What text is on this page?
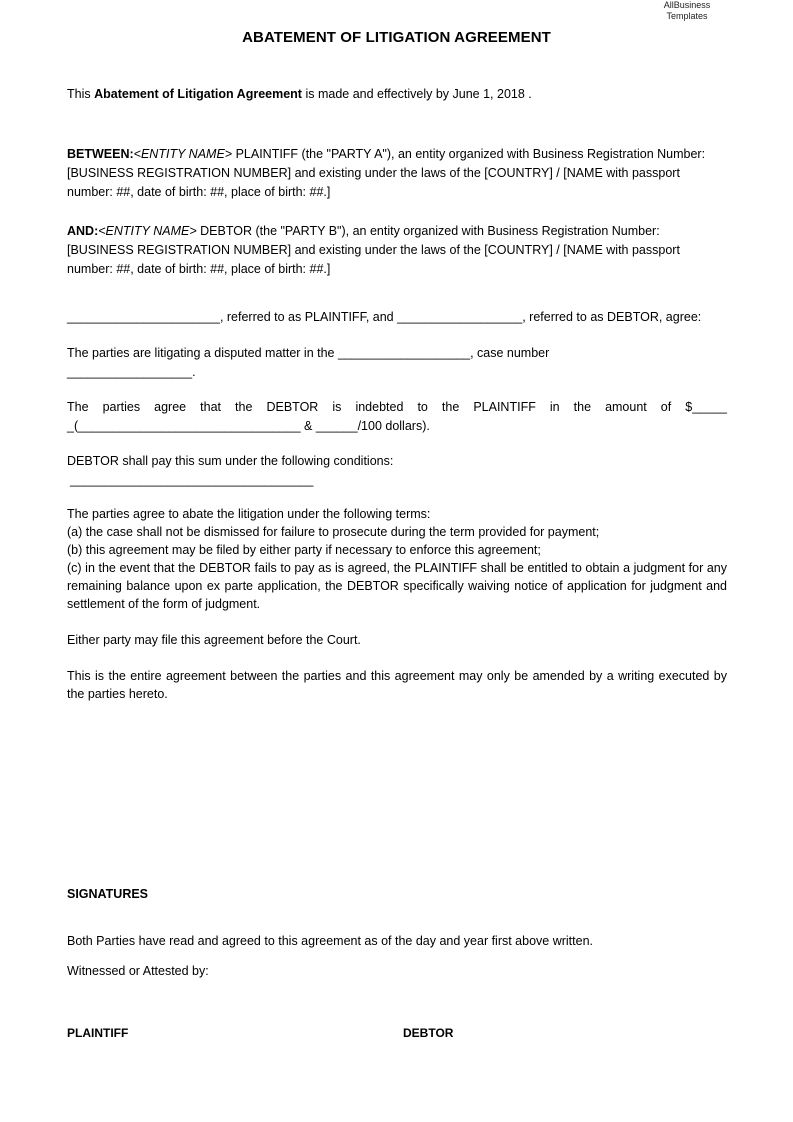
AllBusiness
Templates
ABATEMENT OF LITIGATION AGREEMENT

This Abatement of Litigation Agreement is made and effectively by June 1, 2018 .

BETWEEN:<ENTITY NAME> PLAINTIFF (the "PARTY A"), an entity organized with Business Registration Number: [BUSINESS REGISTRATION NUMBER] and existing under the laws of the [COUNTRY] / [NAME with passport number: ##, date of birth: ##, place of birth: ##.]

AND:<ENTITY NAME> DEBTOR (the "PARTY B"), an entity organized with Business Registration Number: [BUSINESS REGISTRATION NUMBER] and existing under the laws of the [COUNTRY] / [NAME with passport number: ##, date of birth: ##, place of birth: ##.]

______________________, referred to as PLAINTIFF, and __________________, referred to as DEBTOR, agree:

The parties are litigating a disputed matter in the ___________________, case number
__________________.

The parties agree that the DEBTOR is indebted to the PLAINTIFF in the amount of $_____ _(________________________________ & ______/100 dollars).

DEBTOR shall pay this sum under the following conditions:
___________________________________

The parties agree to abate the litigation under the following terms:
(a) the case shall not be dismissed for failure to prosecute during the term provided for payment;
(b) this agreement may be filed by either party if necessary to enforce this agreement;
(c) in the event that the DEBTOR fails to pay as is agreed, the PLAINTIFF shall be entitled to obtain a judgment for any remaining balance upon ex parte application, the DEBTOR specifically waiving notice of application for judgment and settlement of the form of judgment.

Either party may file this agreement before the Court.

This is the entire agreement between the parties and this agreement may only be amended by a writing executed by the parties hereto.

SIGNATURES

Both Parties have read and agreed to this agreement as of the day and year first above written.

Witnessed or Attested by:

PLAINTIFF	DEBTOR
